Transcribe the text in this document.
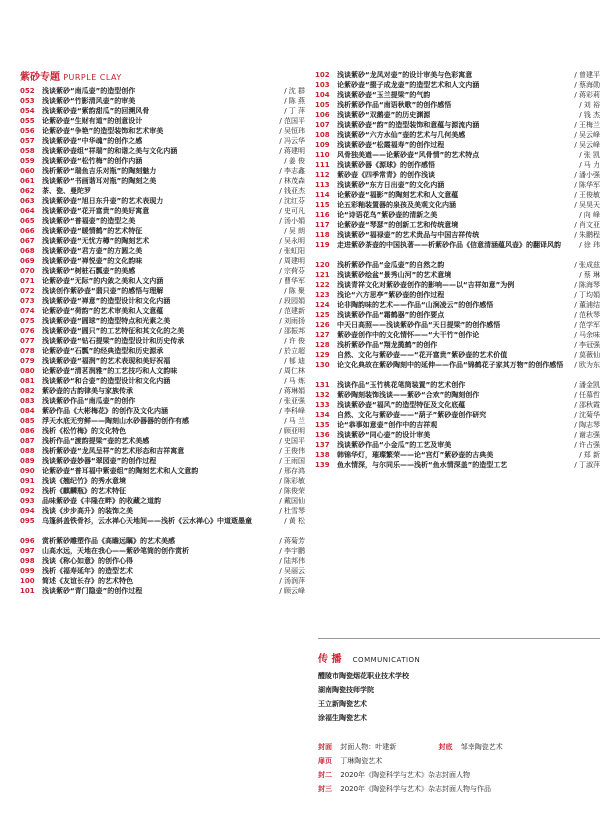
紫砂专题 PURPLE CLAY
052	浅谈紫砂“南瓜壶”的造型创作	/ 沈 群
053	浅谈紫砂“竹影清风壶”的审美	/ 陈 燕
054	浅谈紫砂壶“紫韵甜瓜”的回溯风骨	/ 丁 萍
055	论紫砂壶“生财有道”的创意设计	/ 范国平
056	论紫砂壶“争艳”的造型装饰和艺术审美	/ 吴恒玮
057	浅谈紫砂壶“中华魂”的创作之感	/ 冯云华
058	浅谈紫砂壶组“祥瑞”的和谐之美与文化内涵	/ 蒋建明
059	浅谈紫砂壶“松竹梅”的创作内涵	/ 姜 俊
060	浅析紫砂“瑞鱼吉乐对瓶”的陶刻魅力	/ 李志鑫
061	浅谈紫砂“书画谐耳对瓶”的陶刻之美	/ 林茂森
062	茶、瓷、曼陀罗	/ 钱亚杰
063	浅谈紫砂壶“旭日东升壶”的艺术表现力	/ 沈红芬
064	浅谈紫砂壶“花开富贵”的美好寓意	/ 史可凡
065	浅谈紫砂“普福壶”的造型之美	/ 汤小娟
066	浅谈紫砂壶“暖情鹤”的艺术特征	/ 吴 朗
067	浅谈紫砂壶“无忧方樽”的陶刻艺术	/ 吴永明
068	浅谈紫砂壶“君方壶”的方圆之美	/ 张虹阳
069	浅谈紫砂壶“禅悦壶”的文化韵味	/ 周建明
070	浅谈紫砂“树桩石瓢壶”的美感	/ 宗荷芬
071	论紫砂壶“无际”的内敛之美和人文内涵	/ 曹华军
072	浅谈创作紫砂壶“翡只壶”的感悟与理解	/ 陈 聚
073	浅谈紫砂壶“禅意”的造型设计和文化内涵	/ 段园娟
074	论紫砂壶“荷韵”的艺术审美和人文意蕴	/ 范建新
075	浅谈紫砂壶“圆球”的造型特点和光素之美	/ 刘雨扬
076	浅谈紫砂壶“圆只”的工艺特征和其文化的之美	/ 邵振邦
077	浅谈紫砂壶“钻石提梁”的造型设计和历史传承	/ 许 俊
078	论紫砂壶“石瓢”的经典造型和历史源承	/ 於立超
079	浅谈紫砂壶“福润”的艺术表现和美好祝福	/ 郁 迪
080	论紫砂壶“清茗润雅”的工艺技巧和人文韵味	/ 周仁林
081	浅谈紫砂“和合壶”的造型设计和文化内涵	/ 马 炼
082	紫砂壶的古韵律美与家族传承	/ 蒋琳娟
083	浅谈紫砂作品“南瓜壶”的创作	/ 张亚强
084	紫砂作品《大彬梅花》的创作及文化内涵	/ 李科峰
085	浮天水底无穷鲜——陶刻山水砂器器的创作有感	/ 马 兰
086	浅析《松竹梅》的文化特色	/ 顾亚明
087	浅析作品“渡韵提梁”壶的艺术美感	/ 史国平
088	浅析紫砂壶“龙凤呈祥”的艺术形态和吉祥寓意	/ 王俊伟
089	浅谈紫砂壶妙器“翠园壶”的创作过程	/ 王雨国
090	论紫砂壶“普耳福中紫壶组”的陶刻艺术和人文意韵	/ 邢存鸿
091	浅谈《翘纪竹》的秀水意境	/ 陈彩敏
092	浅析《麒麟瓶》的艺术特征	/ 陈俊荣
093	品味紫砂壶《丰隆在畔》的收藏之道韵	/ 戴国仙
094	浅谈《步步高升》的装饰之美	/ 杜雪琴
095	乌篷斜盖铁骨衫，云水禅心天地间——浅析《云水禅心》中道逝墨童	/ 黄 松
096	赏析紫砂雕塑作品《高瞻远瞩》的艺术美感	/ 蒋菊芳
097	山高水远，天地在我心——紫砂笔筒的创作赏析	/ 李宇鹏
098	浅谈《称心如意》的创作心得	/ 陆邦伟
099	浅析《福寿延年》的造型艺术	/ 吴丽云
100	简述《友谊长存》的艺术特色	/ 汤润萍
101	浅谈紫砂“青门隐壶”的创作过程	/ 顾云峰
102	浅谈紫砂“龙凤对壶”的设计审美与色彩寓意	/ 曾建平
103	论紫砂壶“掇子成龙壶”的造型艺术和人文内涵	/ 蔡海勋
104	浅谈紫砂壶“玉兰提梁”的气韵	/ 蒋彩莉
105	浅析紫砂作品“南语秋歌”的创作感悟	/ 刘 裕
106	浅谈紫砂“双鹅壶”的历史渊源	/ 钱 杰
107	浅谈紫砂壶“韵”的造型装饰和意蕴与源流内涵	/ 王梅兰
108	浅谈紫砂“六方水仙”壶的艺术与几何美感	/ 吴云峰
109	浅谈紫砂壶“松霞福寿”的创作过程	/ 吴云峰
110	风骨独美遒——论紫砂壶“风骨情”的艺术特点	/ 张 凯
111	浅谈紫砂器《源球》的创作感悟	/ 马 力
112	紫砂壶《四季常青》的创作浅谈	/ 潘小强
113	浅谈紫砂“东方日出壶”的文化内涵	/ 陈华军
114	论紫砂壶“福影”的陶刻艺术和人文意蕴	/ 王俊敏
115	论五彩釉装置器的泉孩及美观文化内涵	/ 吴昊天
116	论“诗语花鸟”紫砂壶的清新之美	/ 向 峰
117	论紫砂壶“琴瑟”的创新工艺和传统意境	/ 肖文亚
118	浅谈紫砂“福禄壶”的艺术贵品与中国吉祥传统	/ 朱鹏程
119	走进紫砂茶壶的中国执著——析紫砂作品《信意清涵蕴风壶》的翻译风韵	/ 徐 玮
120	浅析紫砂作品“金瓜壶”的自然之韵	/ 张成兹
121	浅谈紫砂绘盆“景秀山河”的艺术意境	/ 蔡 琳
122	浅谈青祥文化对紫砂壶创作的影响——以“吉祥如意”为例	/ 陈海琴
123	浅论“六方思亭”紫砂壶的创作过程	/ 丁均娟
124	论非陶韵味的艺术——作品“山涧凌云”的创作感悟	/ 董浦结
125	浅谈紫砂作品“霜鹤器”的创作要点	/ 范秋琴
126	中天日高照——浅谈紫砂作品“天日提梁”的创作感悟	/ 范学军
127	紫砂壶创作中的文化情怀——“大干竹”创作论	/ 马余味
128	浅析紫砂作品“翔龙揽鹤”的创作	/ 李冠强
129	自然、文化与紫砂壶——“花开富贵”紫砂壶的艺术价值	/ 莫薇仙
130	论文化典故在紫砂陶刻中的延伸——作品“锦鹤花子家其万物”的创作感悟	/ 欧为东
131	浅谈作品“玉竹桃花笔筒装置”的艺术创作	/ 潘金凯
132	紫砂陶刻装饰浅谈——紫砂“合欢”的陶刻创作	/ 任慕哲
133	浅谈紫砂壶“福风”的造型特征及文化底蕴	/ 邵秋霞
134	自然、文化与紫砂壶——“葫子”紫砂壶创作研究	/ 沈菊华
135	论“恭事如意壶”创作中的吉祥观	/ 陶志琴
136	浅谈紫砂“同心壶”的设计审美	/ 谢志强
137	浅谈紫砂作品“小金瓜”的工艺及审美	/ 许占强
138	韩锦华灯，璀璨繁荣——论“宫灯”紫砂壶的古典美	/ 郑 新
139	鱼水情深，与尔同乐——浅析“鱼水情深盖”的造型工艺	/ 丁淑萍
传 播 COMMUNICATION
醴陵市陶瓷烟花职业技术学校
湖南陶瓷技师学院
王立新陶瓷艺术
涂福生陶瓷艺术
封面 封面人物：叶建新	封底 邹幸陶瓷艺术
扉页 丁琳陶瓷艺术
封二 2020年《陶瓷科学与艺术》杂志封面人物
封三 2020年《陶瓷科学与艺术》杂志封面人物与作品
